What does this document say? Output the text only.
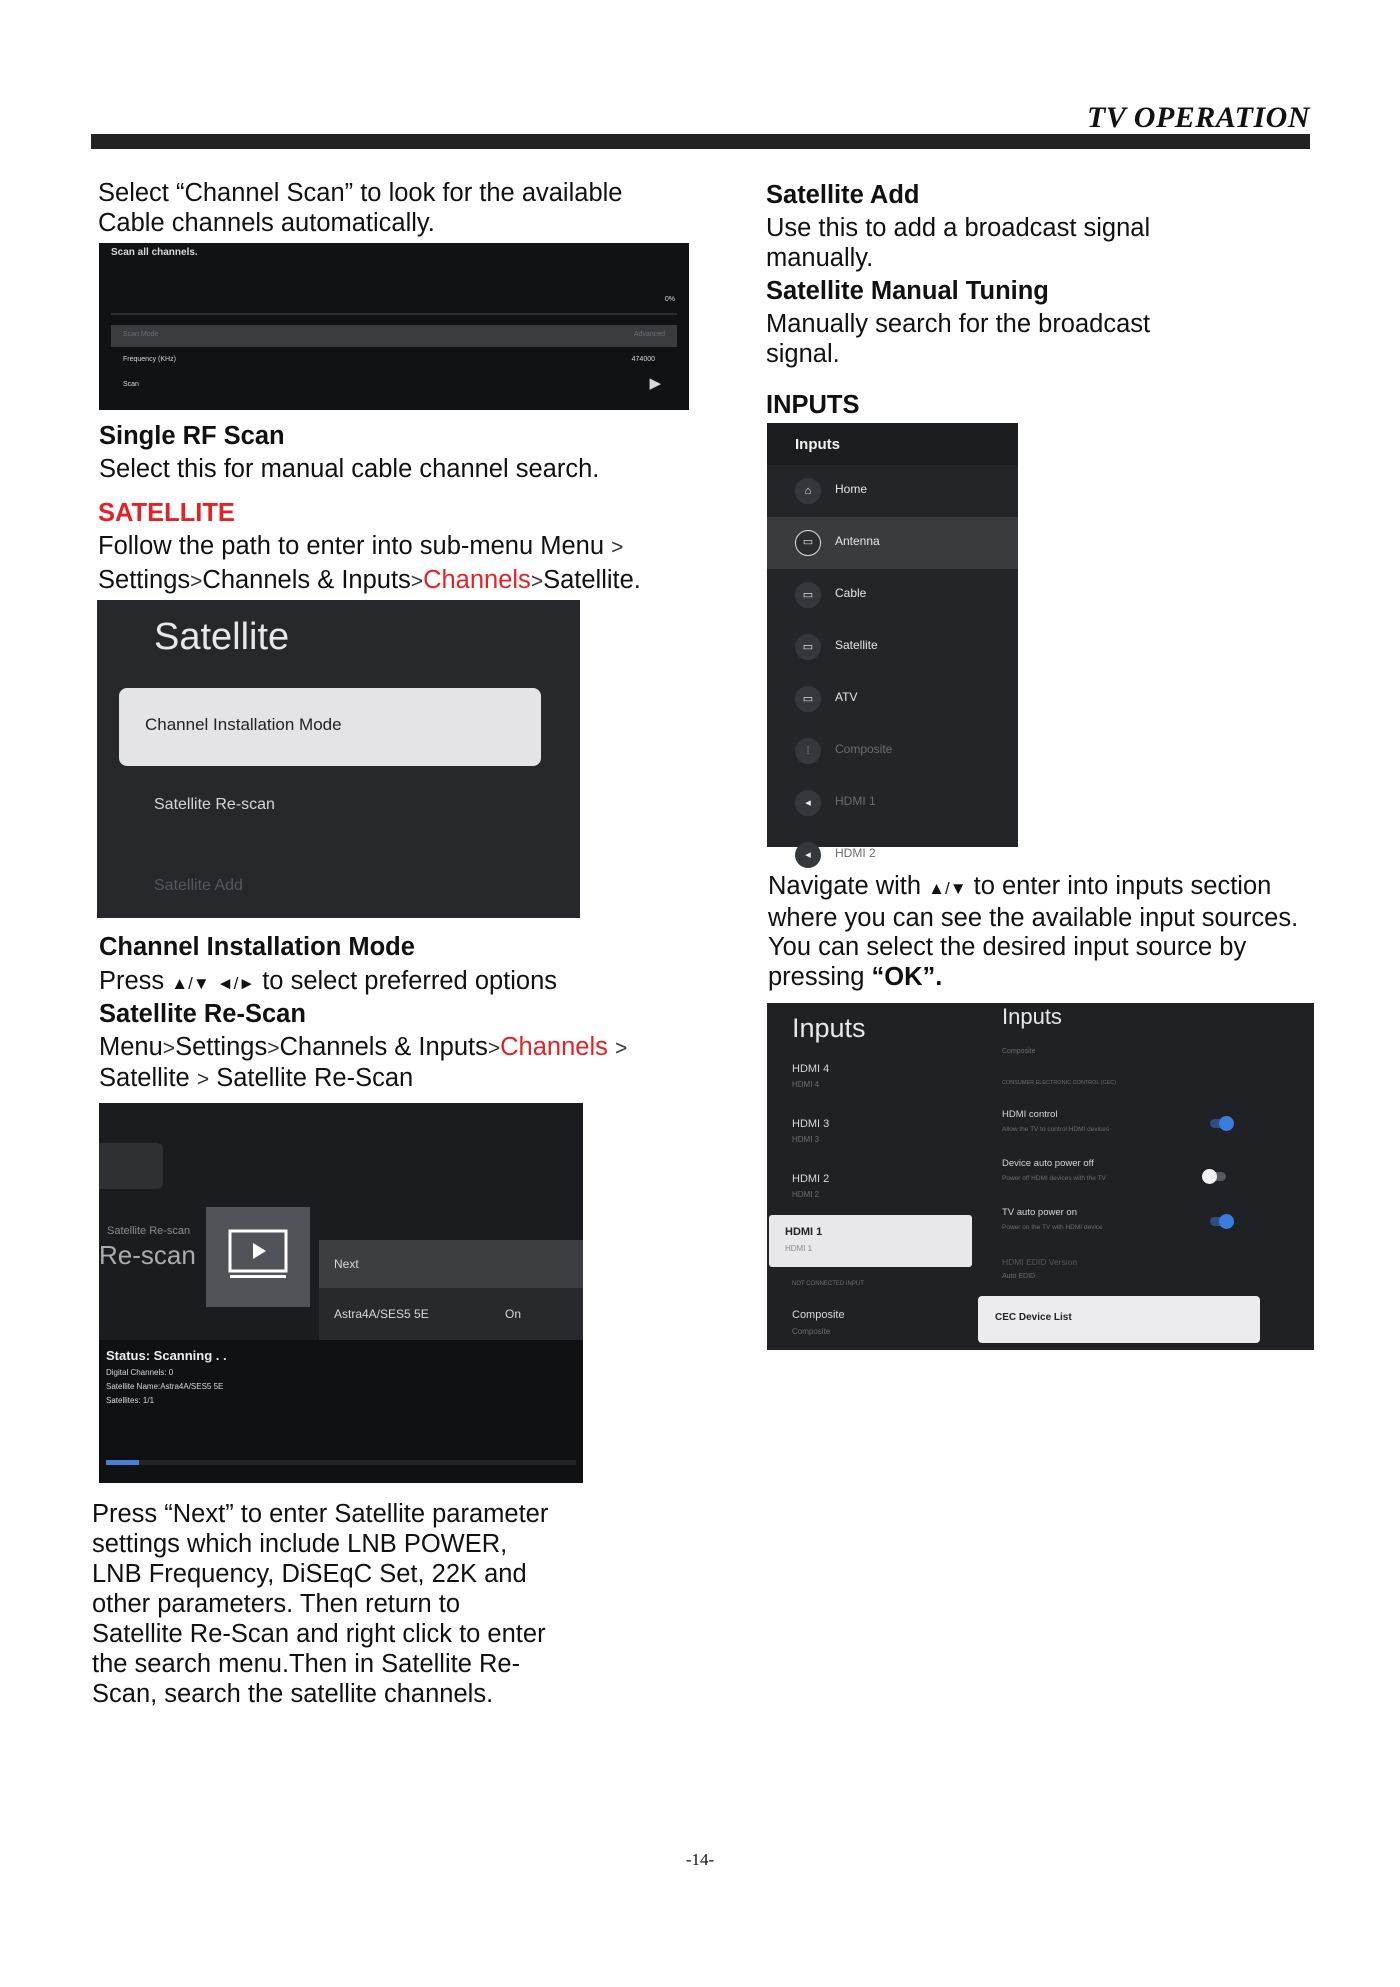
TV OPERATION
Select “Channel Scan” to look for the available
Cable channels automatically.
Scan all channels.
0%
Scan Mode	Advanced
Frequency (KHz)	474000
Scan	▶
Single RF Scan
Select this for manual cable channel search.
SATELLITE
Follow the path to enter into sub-menu Menu >
Settings>Channels & Inputs>Channels>Satellite.
Satellite
Channel Installation Mode
Satellite Re-scan
Satellite Add
Channel Installation Mode
Press ▲/▼ ◄/► to select preferred options
Satellite Re-Scan
Menu>Settings>Channels & Inputs>Channels >
Satellite > Satellite Re-Scan
Satellite Re-scan
Re-scan	Next
Astra4A/SES5 5E	On
Status: Scanning . .
Digital Channels: 0
Satellite Name:Astra4A/SES5 5E
Satellites: 1/1
Press “Next” to enter Satellite parameter
settings which include LNB POWER,
LNB Frequency, DiSEqC Set, 22K and
other parameters. Then return to
Satellite Re-Scan and right click to enter
the search menu.Then in Satellite Re-
Scan, search the satellite channels.
Satellite Add
Use this to add a broadcast signal
manually.
Satellite Manual Tuning
Manually search for the broadcast
signal.
INPUTS
Inputs
⌂	Home
▭	Antenna
▭	Cable
▭	Satellite
▭	ATV
⁞	Composite
◂	HDMI 1
◂	HDMI 2
Navigate with ▲/▼ to enter into inputs section
where you can see the available input sources.
You can select the desired input source by
pressing “OK”.
Inputs
HDMI 4
HDMI 4
HDMI 3
HDMI 3
HDMI 2
HDMI 2
HDMI 1
HDMI 1
NOT CONNECTED INPUT
Composite
Composite
Inputs
Composite
CONSUMER ELECTRONIC CONTROL (CEC)
HDMI control
Allow the TV to control HDMI devices
Device auto power off
Power off HDMI devices with the TV
TV auto power on
Power on the TV with HDMI device
HDMI EDID Version
Auto EDID
CEC Device List
-14-
